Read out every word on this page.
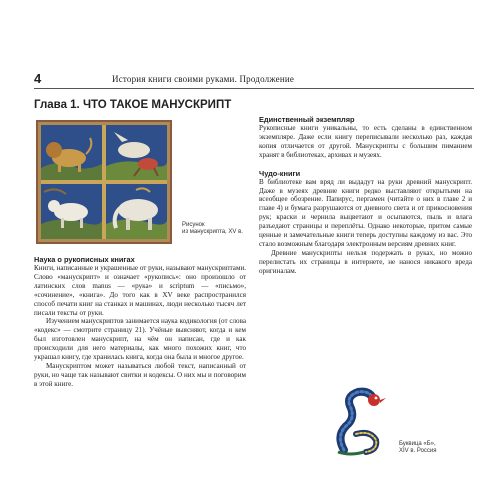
4	История книги своими руками. Продолжение
Глава 1. ЧТО ТАКОЕ МАНУСКРИПТ
Рисунок
из манускрипта, XV в.

Наука о рукописных книгах

Книги, написанные и украшенные от руки, называют манускриптами. Слово «манускрипт» и означает «рукопись»: оно произошло от латинских слов manus — «рука» и scriptum — «письмо», «сочинение», «книга». До того как в XV веке распространился способ печати книг на станках и машинах, люди несколько тысяч лет писали тексты от руки.

Изучением манускриптов занимается наука кодикология (от слова «кодекс» — смотрите страницу 21). Учёные выясняют, когда и кем был изготовлен манускрипт, на чём он написан, где и как происходили для него материалы, как много похожих книг, что украшал книгу, где хранилась книга, когда она была и многое другое.

Манускриптом может называться любой текст, написанный от руки, но чаще так называют свитки и кодексы. О них мы и поговорим в этой книге.

Единственный экземпляр

Рукописные книги уникальны, то есть сделаны в единственном экземпляре. Даже если книгу переписывали несколько раз, каждая копия отличается от другой. Манускрипты с большим пиманием хранят в библиотеках, архивах и музеях.

Чудо-книги

В библиотеке вам вряд ли выдадут на руки древний манускрипт. Даже в музеях древние книги редко выставляют открытыми на всеобщее обозрение. Папирус, пергамен (читайте о них в главе 2 и главе 4) и бумага разрушаются от дневного света и от прикосновения рук; краски и чернила выцветают и осыпаются, пыль и влага разъедают страницы и переплёты. Однако некоторые, притом самые ценные и замечательные книги теперь доступны каждому из вас. Это стало возможным благодаря электронным версиям древних книг.

Древние манускрипты нельзя подержать в руках, но можно перелистать их страницы в интернете, не нанося никакого вреда оригиналам.

Буквица «Б»,
XIV в. Россия
